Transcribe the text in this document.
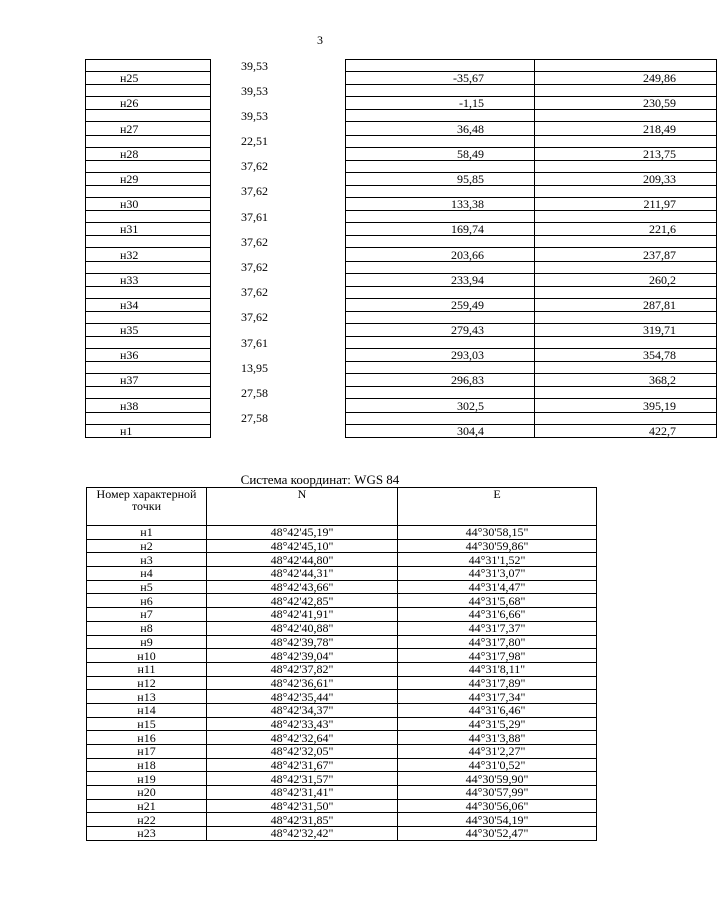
3
	39,53		
н25		-35,67	249,86
	39,53		
н26		-1,15	230,59
	39,53		
н27		36,48	218,49
	22,51		
н28		58,49	213,75
	37,62		
н29		95,85	209,33
	37,62		
н30		133,38	211,97
	37,61		
н31		169,74	221,6
	37,62		
н32		203,66	237,87
	37,62		
н33		233,94	260,2
	37,62		
н34		259,49	287,81
	37,62		
н35		279,43	319,71
	37,61		
н36		293,03	354,78
	13,95		
н37		296,83	368,2
	27,58		
н38		302,5	395,19
	27,58		
н1		304,4	422,7
Система координат: WGS 84
Номер характерной точки	N	E
н1	48°42'45,19"	44°30'58,15"
н2	48°42'45,10"	44°30'59,86"
н3	48°42'44,80"	44°31'1,52"
н4	48°42'44,31"	44°31'3,07"
н5	48°42'43,66"	44°31'4,47"
н6	48°42'42,85"	44°31'5,68"
н7	48°42'41,91"	44°31'6,66"
н8	48°42'40,88"	44°31'7,37"
н9	48°42'39,78"	44°31'7,80"
н10	48°42'39,04"	44°31'7,98"
н11	48°42'37,82"	44°31'8,11"
н12	48°42'36,61"	44°31'7,89"
н13	48°42'35,44"	44°31'7,34"
н14	48°42'34,37"	44°31'6,46"
н15	48°42'33,43"	44°31'5,29"
н16	48°42'32,64"	44°31'3,88"
н17	48°42'32,05"	44°31'2,27"
н18	48°42'31,67"	44°31'0,52"
н19	48°42'31,57"	44°30'59,90"
н20	48°42'31,41"	44°30'57,99"
н21	48°42'31,50"	44°30'56,06"
н22	48°42'31,85"	44°30'54,19"
н23	48°42'32,42"	44°30'52,47"
